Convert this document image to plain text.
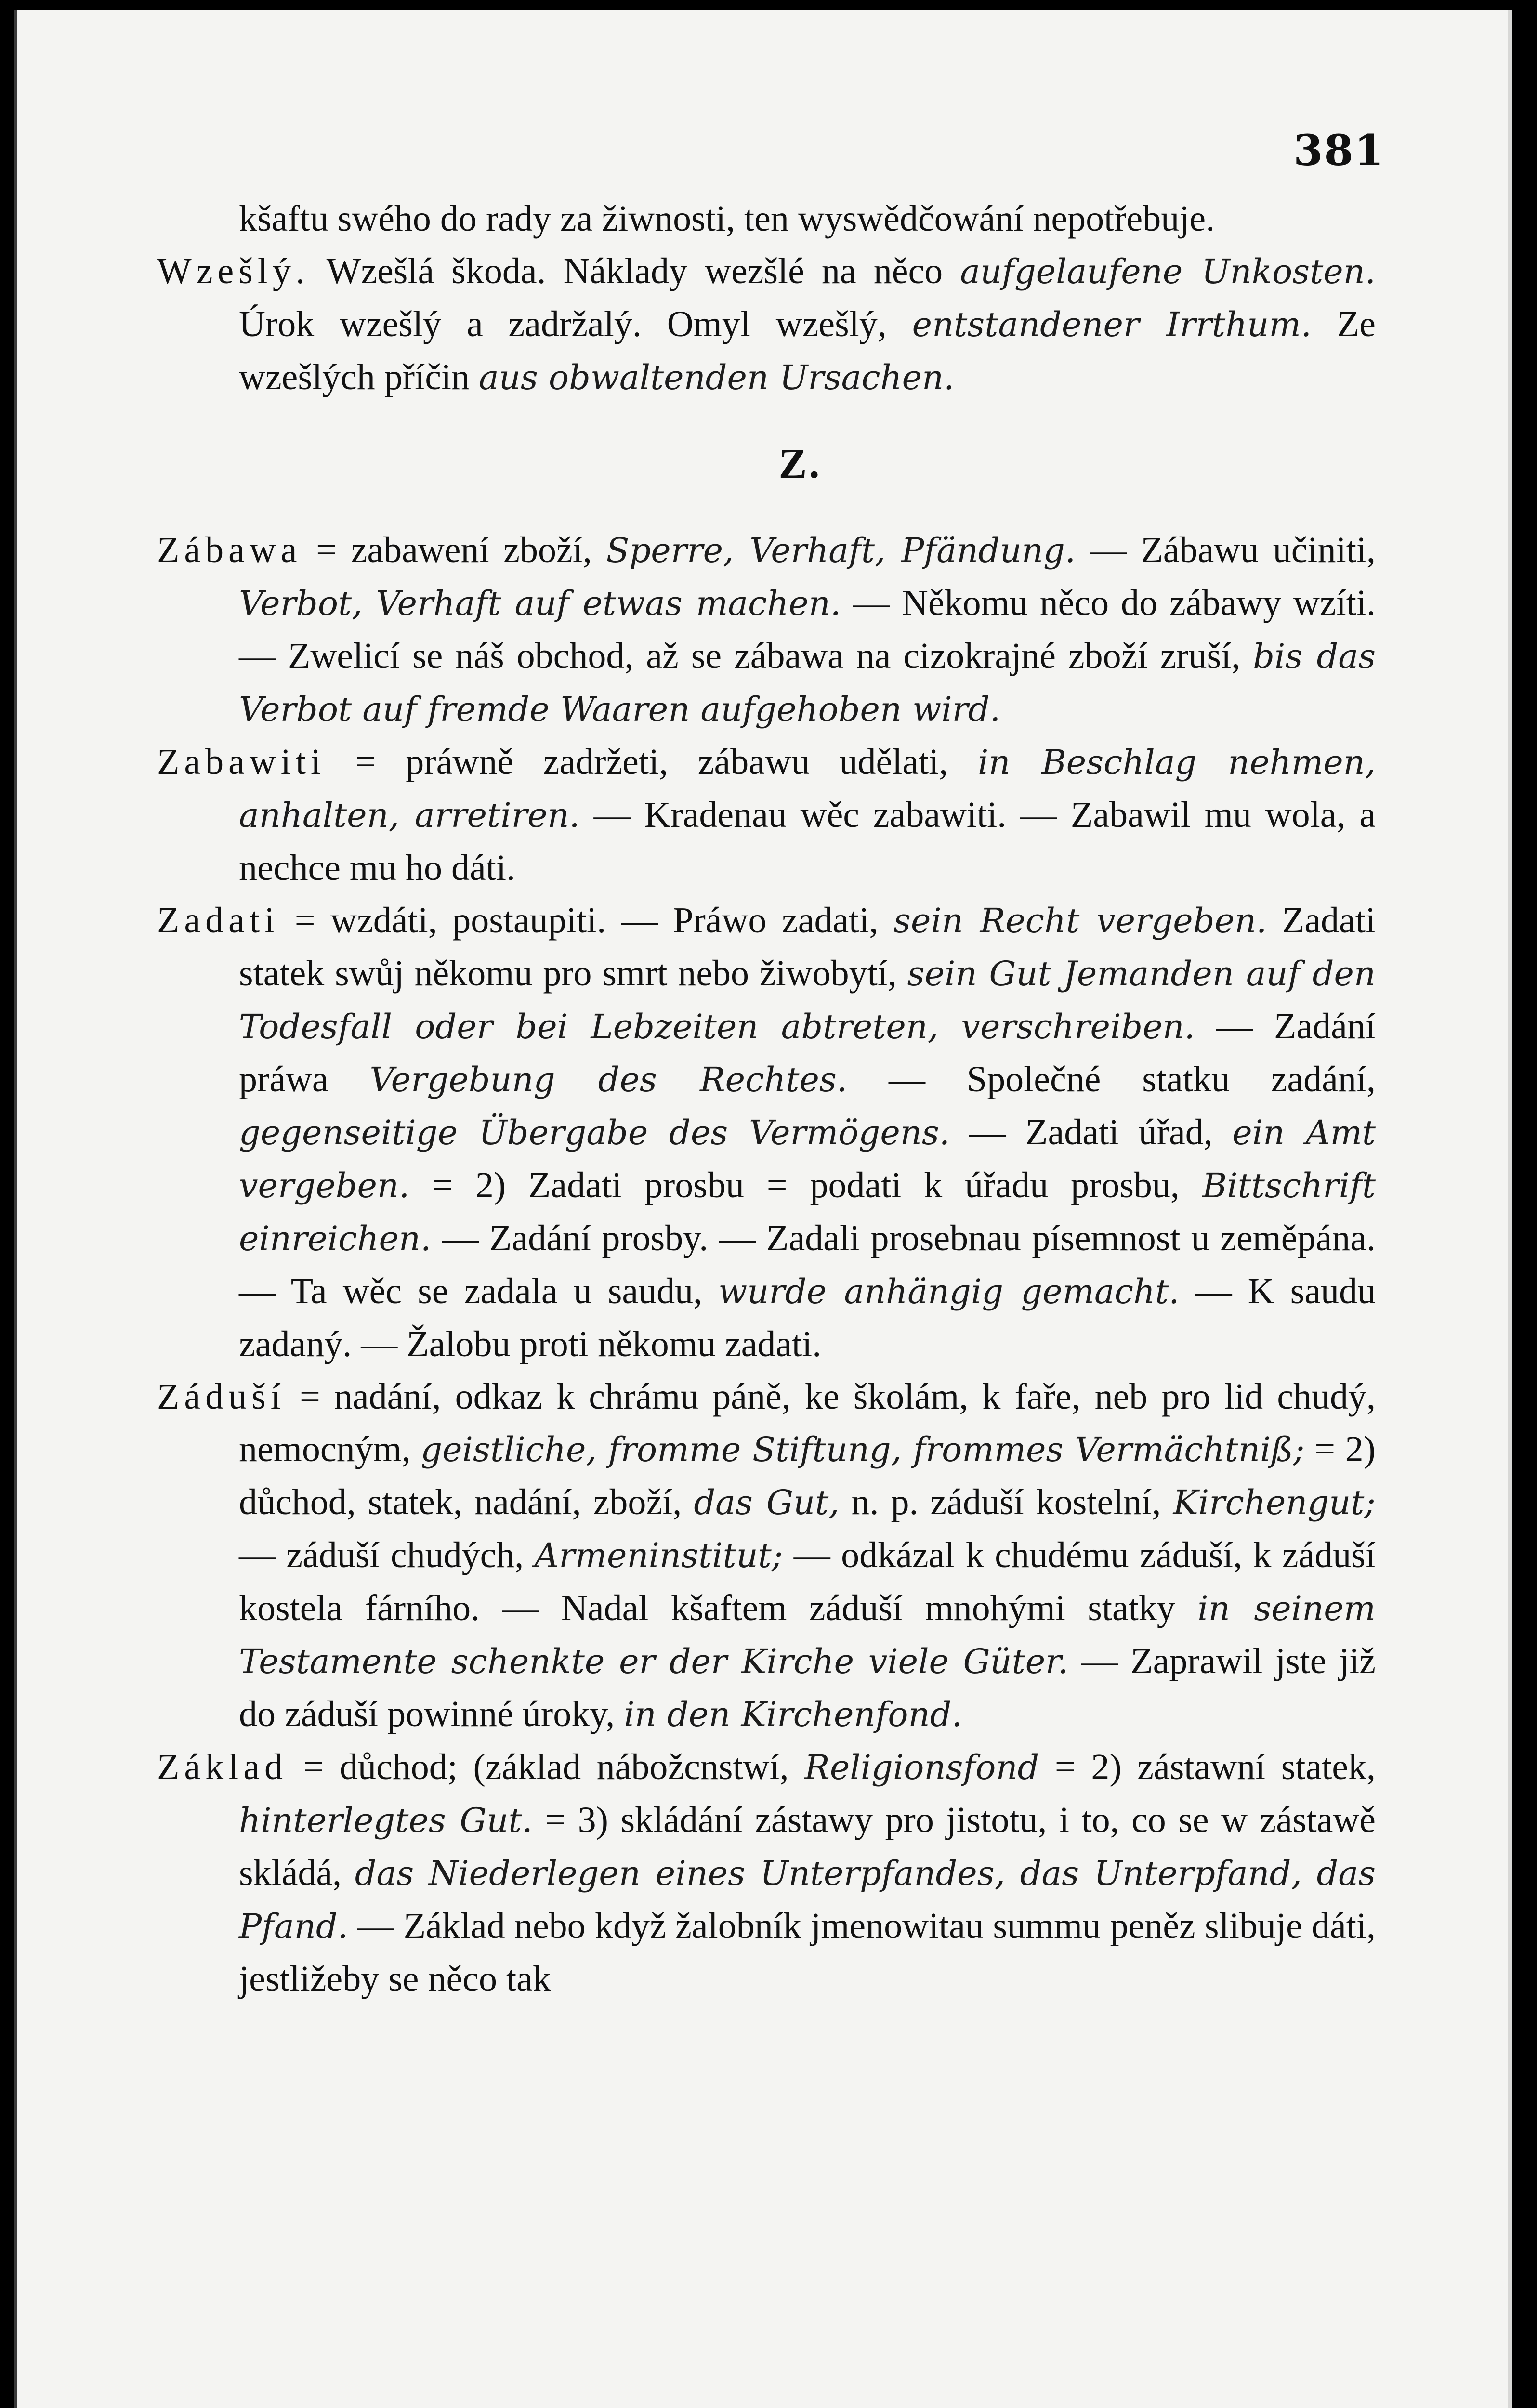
381

kšaftu swého do rady za žiwnosti, ten wyswědčowání nepotřebuje.

Wzešlý. Wzešlá škoda. Náklady wezšlé na něco aufgelaufene Unkosten. Úrok wzešlý a zadržalý. Omyl wzešlý, entstandener Irrthum. Ze wzešlých příčin aus obwaltenden Ursachen.

Z.

Zábawa = zabawení zboží, Sperre, Verhaft, Pfändung. — Zábawu učiniti, Verbot, Verhaft auf etwas machen. — Někomu něco do zábawy wzíti. — Zwelicí se náš obchod, až se zábawa na cizokrajné zboží zruší, bis das Verbot auf fremde Waaren aufgehoben wird.

Zabawiti = práwně zadržeti, zábawu udělati, in Beschlag nehmen, anhalten, arretiren. — Kradenau wěc zabawiti. — Zabawil mu wola, a nechce mu ho dáti.

Zadati = wzdáti, postaupiti. — Práwo zadati, sein Recht vergeben. Zadati statek swůj někomu pro smrt nebo žiwobytí, sein Gut Jemanden auf den Todesfall oder bei Lebzeiten abtreten, verschreiben. — Zadání práwa Vergebung des Rechtes. — Společné statku zadání, gegenseitige Übergabe des Vermögens. — Zadati úřad, ein Amt vergeben. = 2) Zadati prosbu = podati k úřadu prosbu, Bittschrift einreichen. — Zadání prosby. — Zadali prosebnau písemnost u zeměpána. — Ta wěc se zadala u saudu, wurde anhängig gemacht. — K saudu zadaný. — Žalobu proti někomu zadati.

Záduší = nadání, odkaz k chrámu páně, ke školám, k faře, neb pro lid chudý, nemocným, geistliche, fromme Stiftung, frommes Vermächtniß; = 2) důchod, statek, nadání, zboží, das Gut, n. p. záduší kostelní, Kirchengut; — záduší chudých, Armeninstitut; — odkázal k chudému záduší, k záduší kostela fárního. — Nadal kšaftem záduší mnohými statky in seinem Testamente schenkte er der Kirche viele Güter. — Zaprawil jste již do záduší powinné úroky, in den Kirchenfond.

Základ = důchod; (základ nábožcnstwí, Religionsfond = 2) zástawní statek, hinterlegtes Gut. = 3) skládání zástawy pro jistotu, i to, co se w zástawě skládá, das Niederlegen eines Unterpfandes, das Unterpfand, das Pfand. — Základ nebo když žalobník jmenowitau summu peněz slibuje dáti, jestližeby se něco tak
